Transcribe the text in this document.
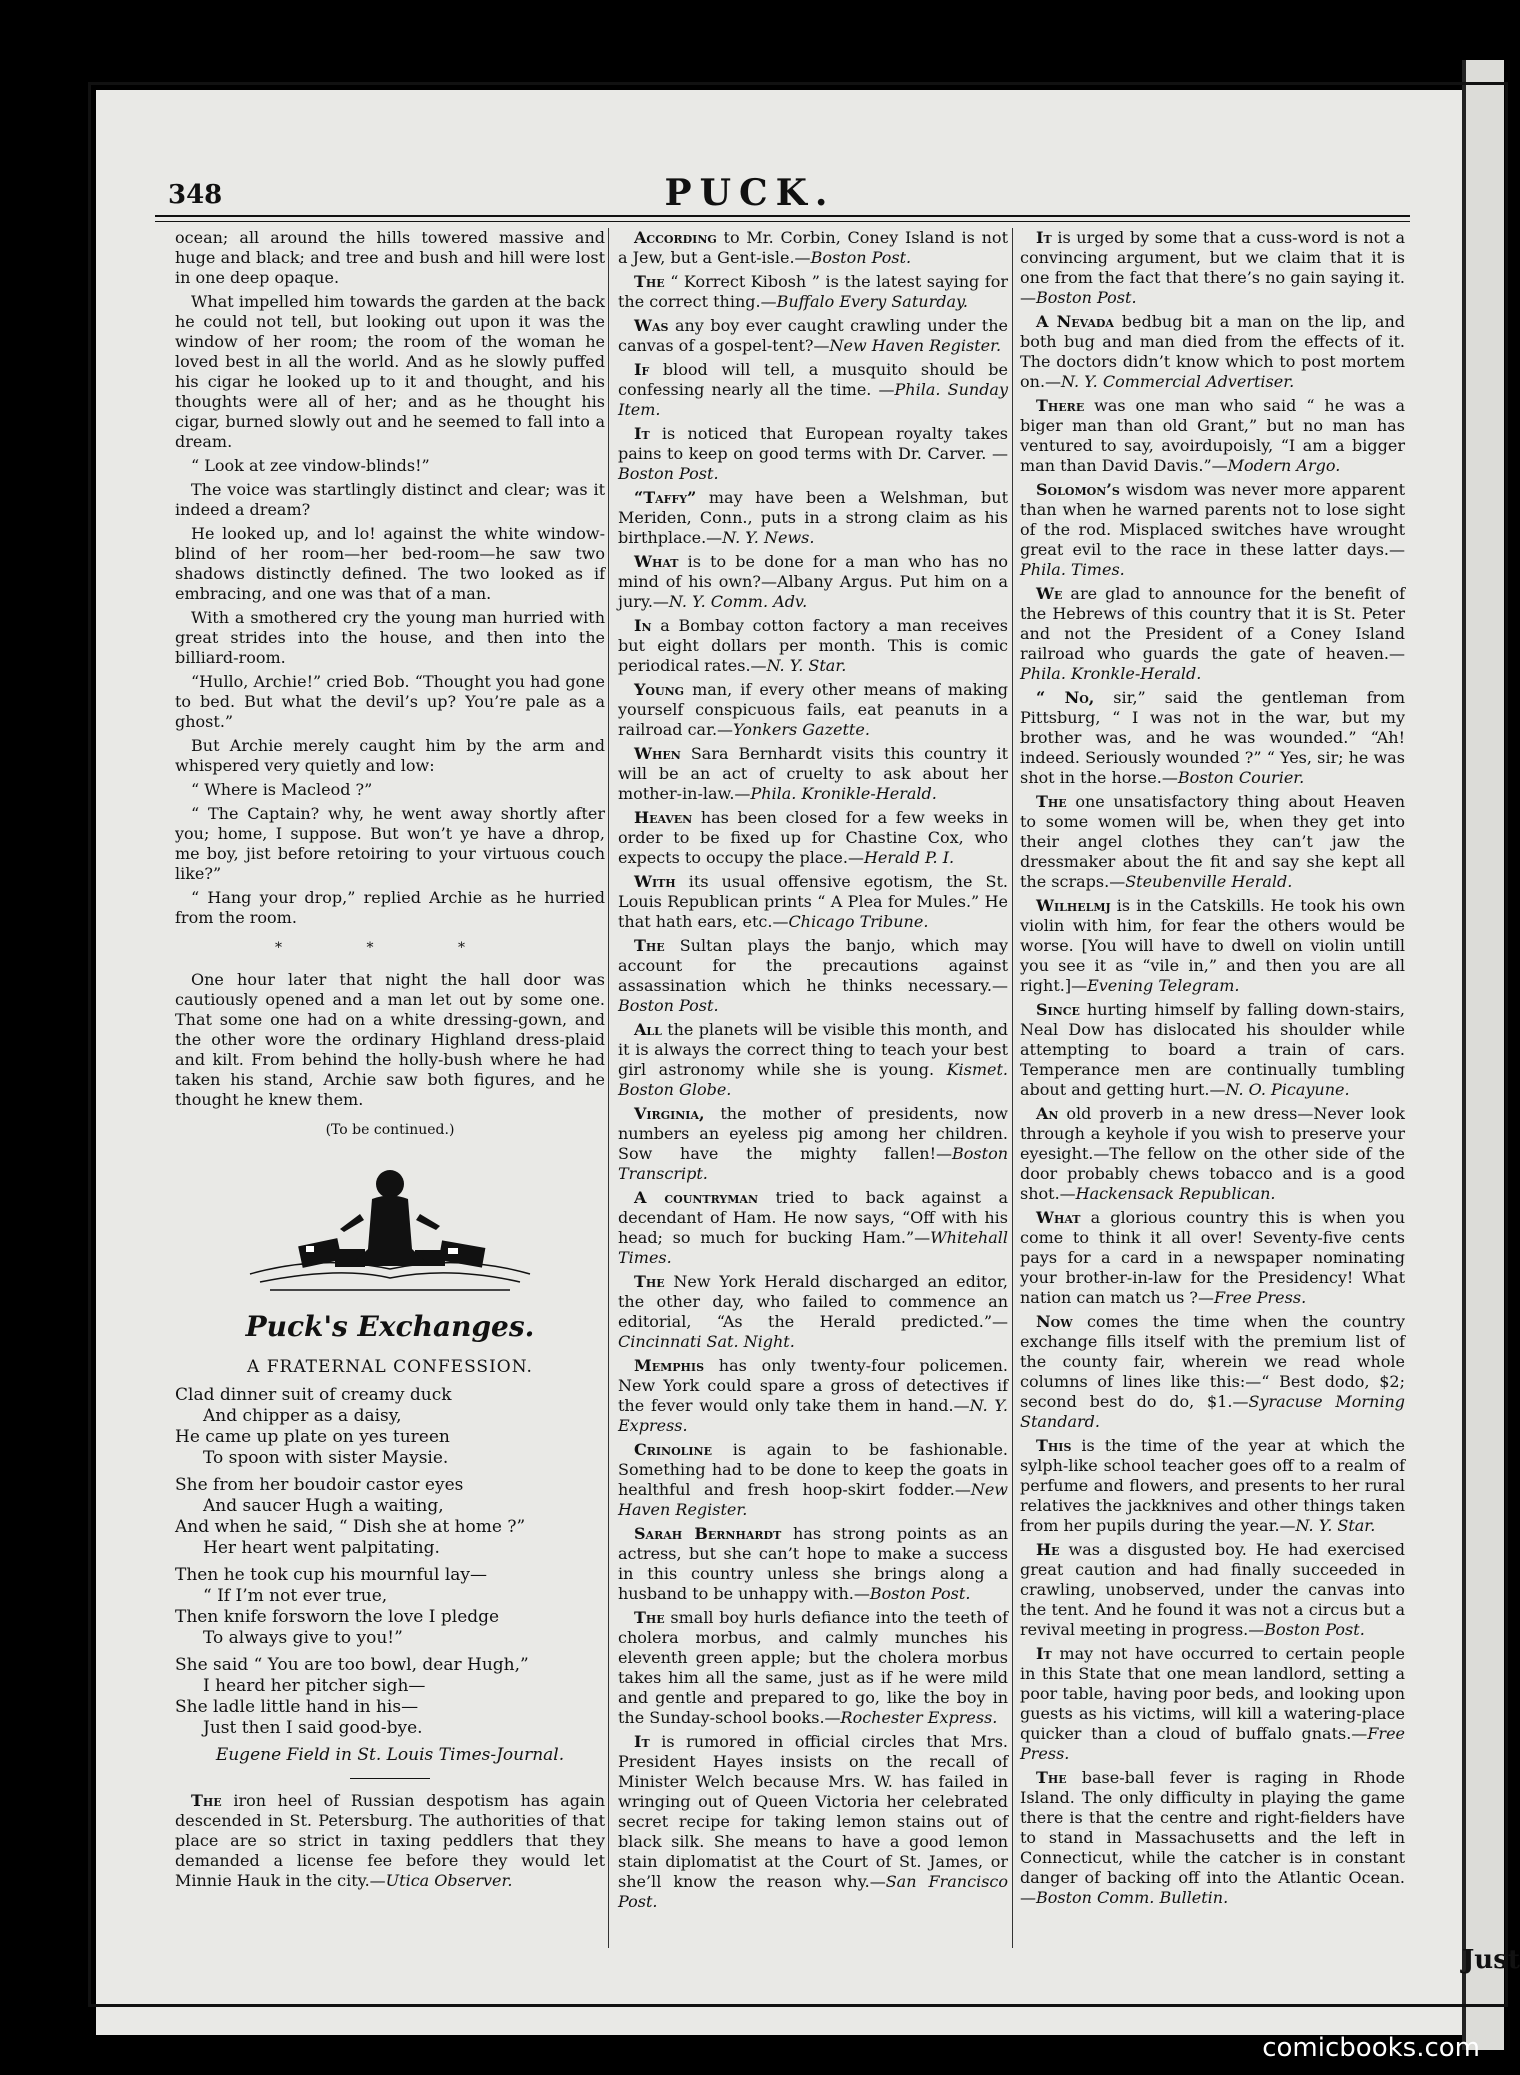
Just
348	PUCK.

ocean; all around the hills towered massive and huge and black; and tree and bush and hill were lost in one deep opaque.

What impelled him towards the garden at the back he could not tell, but looking out upon it was the window of her room; the room of the woman he loved best in all the world. And as he slowly puffed his cigar he looked up to it and thought, and his thoughts were all of her; and as he thought his cigar, burned slowly out and he seemed to fall into a dream.

“ Look at zee vindow-blinds!”

The voice was startlingly distinct and clear; was it indeed a dream?

He looked up, and lo! against the white window-blind of her room—her bed-room—he saw two shadows distinctly defined. The two looked as if embracing, and one was that of a man.

With a smothered cry the young man hurried with great strides into the house, and then into the billiard-room.

“Hullo, Archie!” cried Bob. “Thought you had gone to bed. But what the devil’s up? You’re pale as a ghost.”

But Archie merely caught him by the arm and whispered very quietly and low:

“ Where is Macleod ?”

“ The Captain? why, he went away shortly after you; home, I suppose. But won’t ye have a dhrop, me boy, jist before retoiring to your virtuous couch like?”

“ Hang your drop,” replied Archie as he hurried from the room.

* * *

One hour later that night the hall door was cautiously opened and a man let out by some one. That some one had on a white dressing-gown, and the other wore the ordinary Highland dress-plaid and kilt. From behind the holly-bush where he had taken his stand, Archie saw both figures, and he thought he knew them.

(To be continued.)
Puck's Exchanges.
A FRATERNAL CONFESSION.
Clad dinner suit of creamy duck
And chipper as a daisy,
He came up plate on yes tureen
To spoon with sister Maysie.
She from her boudoir castor eyes
And saucer Hugh a waiting,
And when he said, “ Dish she at home ?”
Her heart went palpitating.
Then he took cup his mournful lay—
“ If I’m not ever true,
Then knife forsworn the love I pledge
To always give to you!”
She said “ You are too bowl, dear Hugh,”
I heard her pitcher sigh—
She ladle little hand in his—
Just then I said good-bye.
Eugene Field in St. Louis Times-Journal.

The iron heel of Russian despotism has again descended in St. Petersburg. The authorities of that place are so strict in taxing peddlers that they demanded a license fee before they would let Minnie Hauk in the city.—Utica Observer.

According to Mr. Corbin, Coney Island is not a Jew, but a Gent-isle.—Boston Post.

The “ Korrect Kibosh ” is the latest saying for the correct thing.—Buffalo Every Saturday.

Was any boy ever caught crawling under the canvas of a gospel-tent?—New Haven Register.

If blood will tell, a musquito should be confessing nearly all the time. —Phila. Sunday Item.

It is noticed that European royalty takes pains to keep on good terms with Dr. Carver. —Boston Post.

“Taffy” may have been a Welshman, but Meriden, Conn., puts in a strong claim as his birthplace.—N. Y. News.

What is to be done for a man who has no mind of his own?—Albany Argus. Put him on a jury.—N. Y. Comm. Adv.

In a Bombay cotton factory a man receives but eight dollars per month. This is comic periodical rates.—N. Y. Star.

Young man, if every other means of making yourself conspicuous fails, eat peanuts in a railroad car.—Yonkers Gazette.

When Sara Bernhardt visits this country it will be an act of cruelty to ask about her mother-in-law.—Phila. Kronikle-Herald.

Heaven has been closed for a few weeks in order to be fixed up for Chastine Cox, who expects to occupy the place.—Herald P. I.

With its usual offensive egotism, the St. Louis Republican prints “ A Plea for Mules.” He that hath ears, etc.—Chicago Tribune.

The Sultan plays the banjo, which may account for the precautions against assassination which he thinks necessary.—Boston Post.

All the planets will be visible this month, and it is always the correct thing to teach your best girl astronomy while she is young. Kismet. Boston Globe.

Virginia, the mother of presidents, now numbers an eyeless pig among her children. Sow have the mighty fallen!—Boston Transcript.

A countryman tried to back against a decendant of Ham. He now says, “Off with his head; so much for bucking Ham.”—Whitehall Times.

The New York Herald discharged an editor, the other day, who failed to commence an editorial, “As the Herald predicted.”—Cincinnati Sat. Night.

Memphis has only twenty-four policemen. New York could spare a gross of detectives if the fever would only take them in hand.—N. Y. Express.

Crinoline is again to be fashionable. Something had to be done to keep the goats in healthful and fresh hoop-skirt fodder.—New Haven Register.

Sarah Bernhardt has strong points as an actress, but she can’t hope to make a success in this country unless she brings along a husband to be unhappy with.—Boston Post.

The small boy hurls defiance into the teeth of cholera morbus, and calmly munches his eleventh green apple; but the cholera morbus takes him all the same, just as if he were mild and gentle and prepared to go, like the boy in the Sunday-school books.—Rochester Express.

It is rumored in official circles that Mrs. President Hayes insists on the recall of Minister Welch because Mrs. W. has failed in wringing out of Queen Victoria her celebrated secret recipe for taking lemon stains out of black silk. She means to have a good lemon stain diplomatist at the Court of St. James, or she’ll know the reason why.—San Francisco Post.

It is urged by some that a cuss-word is not a convincing argument, but we claim that it is one from the fact that there’s no gain saying it. —Boston Post.

A Nevada bedbug bit a man on the lip, and both bug and man died from the effects of it. The doctors didn’t know which to post mortem on.—N. Y. Commercial Advertiser.

There was one man who said “ he was a biger man than old Grant,” but no man has ventured to say, avoirdupoisly, “I am a bigger man than David Davis.”—Modern Argo.

Solomon’s wisdom was never more apparent than when he warned parents not to lose sight of the rod. Misplaced switches have wrought great evil to the race in these latter days.—Phila. Times.

We are glad to announce for the benefit of the Hebrews of this country that it is St. Peter and not the President of a Coney Island railroad who guards the gate of heaven.—Phila. Kronkle-Herald.

“ No, sir,” said the gentleman from Pittsburg, “ I was not in the war, but my brother was, and he was wounded.” “Ah! indeed. Seriously wounded ?” “ Yes, sir; he was shot in the horse.—Boston Courier.

The one unsatisfactory thing about Heaven to some women will be, when they get into their angel clothes they can’t jaw the dressmaker about the fit and say she kept all the scraps.—Steubenville Herald.

Wilhelmj is in the Catskills. He took his own violin with him, for fear the others would be worse. [You will have to dwell on violin untill you see it as “vile in,” and then you are all right.]—Evening Telegram.

Since hurting himself by falling down-stairs, Neal Dow has dislocated his shoulder while attempting to board a train of cars. Temperance men are continually tumbling about and getting hurt.—N. O. Picayune.

An old proverb in a new dress—Never look through a keyhole if you wish to preserve your eyesight.—The fellow on the other side of the door probably chews tobacco and is a good shot.—Hackensack Republican.

What a glorious country this is when you come to think it all over! Seventy-five cents pays for a card in a newspaper nominating your brother-in-law for the Presidency! What nation can match us ?—Free Press.

Now comes the time when the country exchange fills itself with the premium list of the county fair, wherein we read whole columns of lines like this:—“ Best dodo, $2; second best do do, $1.—Syracuse Morning Standard.

This is the time of the year at which the sylph-like school teacher goes off to a realm of perfume and flowers, and presents to her rural relatives the jackknives and other things taken from her pupils during the year.—N. Y. Star.

He was a disgusted boy. He had exercised great caution and had finally succeeded in crawling, unobserved, under the canvas into the tent. And he found it was not a circus but a revival meeting in progress.—Boston Post.

It may not have occurred to certain people in this State that one mean landlord, setting a poor table, having poor beds, and looking upon guests as his victims, will kill a watering-place quicker than a cloud of buffalo gnats.—Free Press.

The base-ball fever is raging in Rhode Island. The only difficulty in playing the game there is that the centre and right-fielders have to stand in Massachusetts and the left in Connecticut, while the catcher is in constant danger of backing off into the Atlantic Ocean.—Boston Comm. Bulletin.

comicbooks.com
